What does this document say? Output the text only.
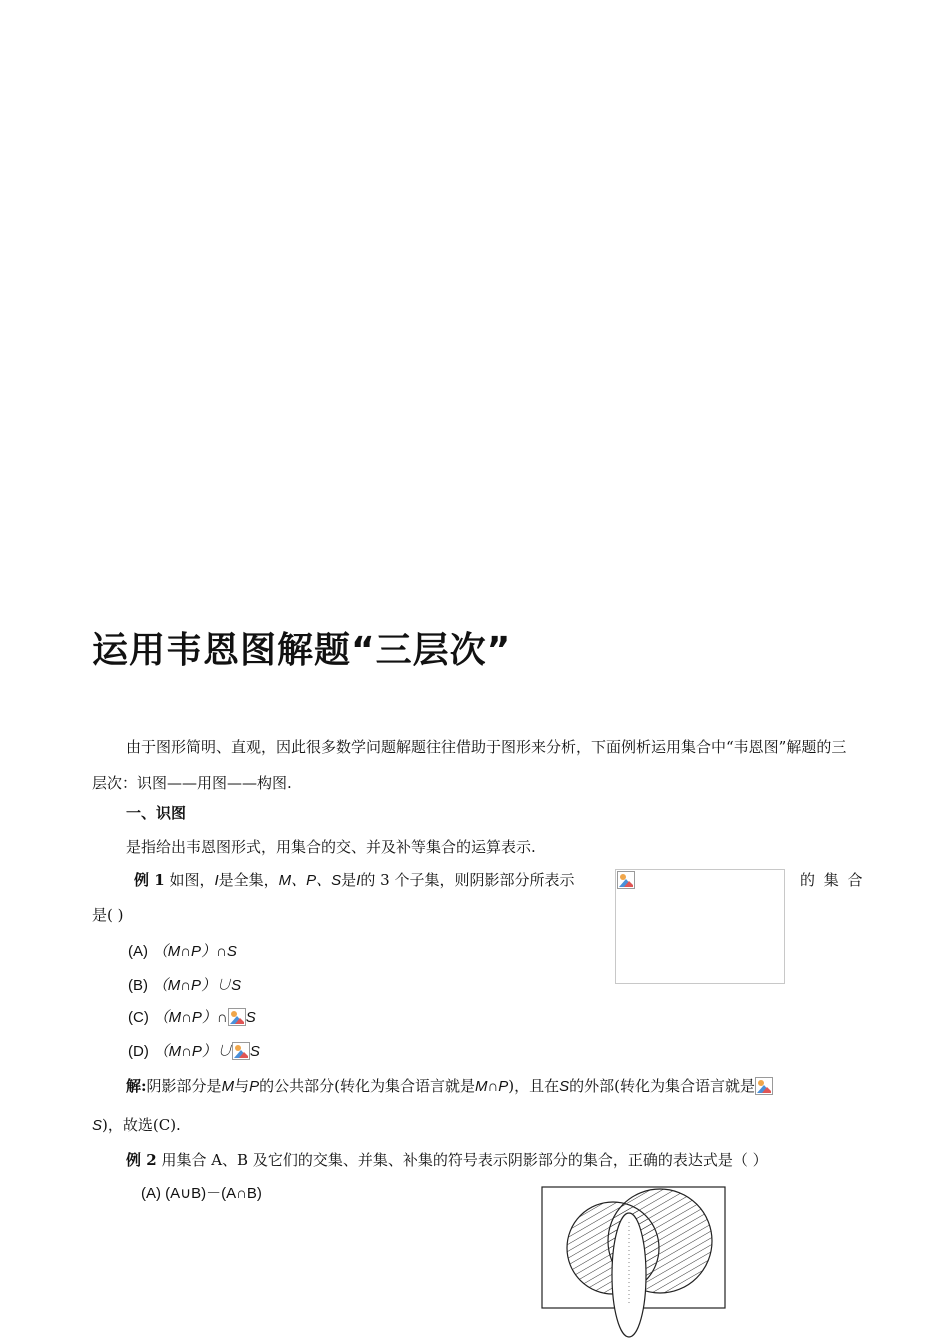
运用韦恩图解题“三层次”

由于图形简明、直观，因此很多数学问题解题往往借助于图形来分析，下面例析运用集合中“韦恩图”解题的三层次：识图——用图——构图.

一、识图
是指给出韦恩图形式，用集合的交、并及补等集合的运算表示.
例 1 如图，I是全集，M、P、S是I的 3 个子集，则阴影部分所表示	的 集 合
是( )
(A) （M∩P）∩S
(B) （M∩P）∪S
(C) （M∩P）∩ S
(D) （M∩P）∪ S
解:阴影部分是M与P的公共部分(转化为集合语言就是M∩P)，且在S的外部(转化为集合语言就是
S)，故选(C).
例 2 用集合 A、B 及它们的交集、并集、补集的符号表示阴影部分的集合，正确的表达式是（ ）
(A) (A∪B)－(A∩B)
